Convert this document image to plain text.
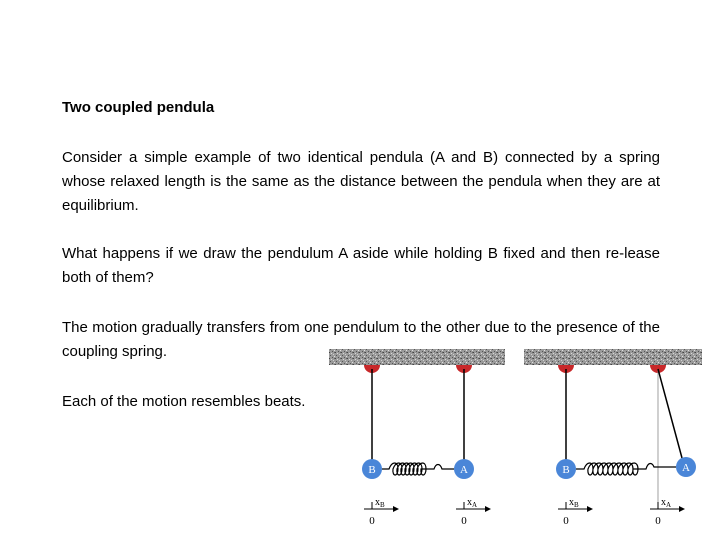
Two coupled pendula

Consider a simple example of two identical pendula (A and B) connected by a spring whose relaxed length is the same as the distance between the pendula when they are at equilibrium.

What happens if we draw the pendulum A aside while holding B fixed and then re-lease both of them?

The motion gradually transfers from one pendulum to the other due to the presence of the coupling spring.

Each of the motion resembles beats.

B	A
$x_B$
0
$x_A$
0
B	A
$x_B$
0
$x_A$
0
